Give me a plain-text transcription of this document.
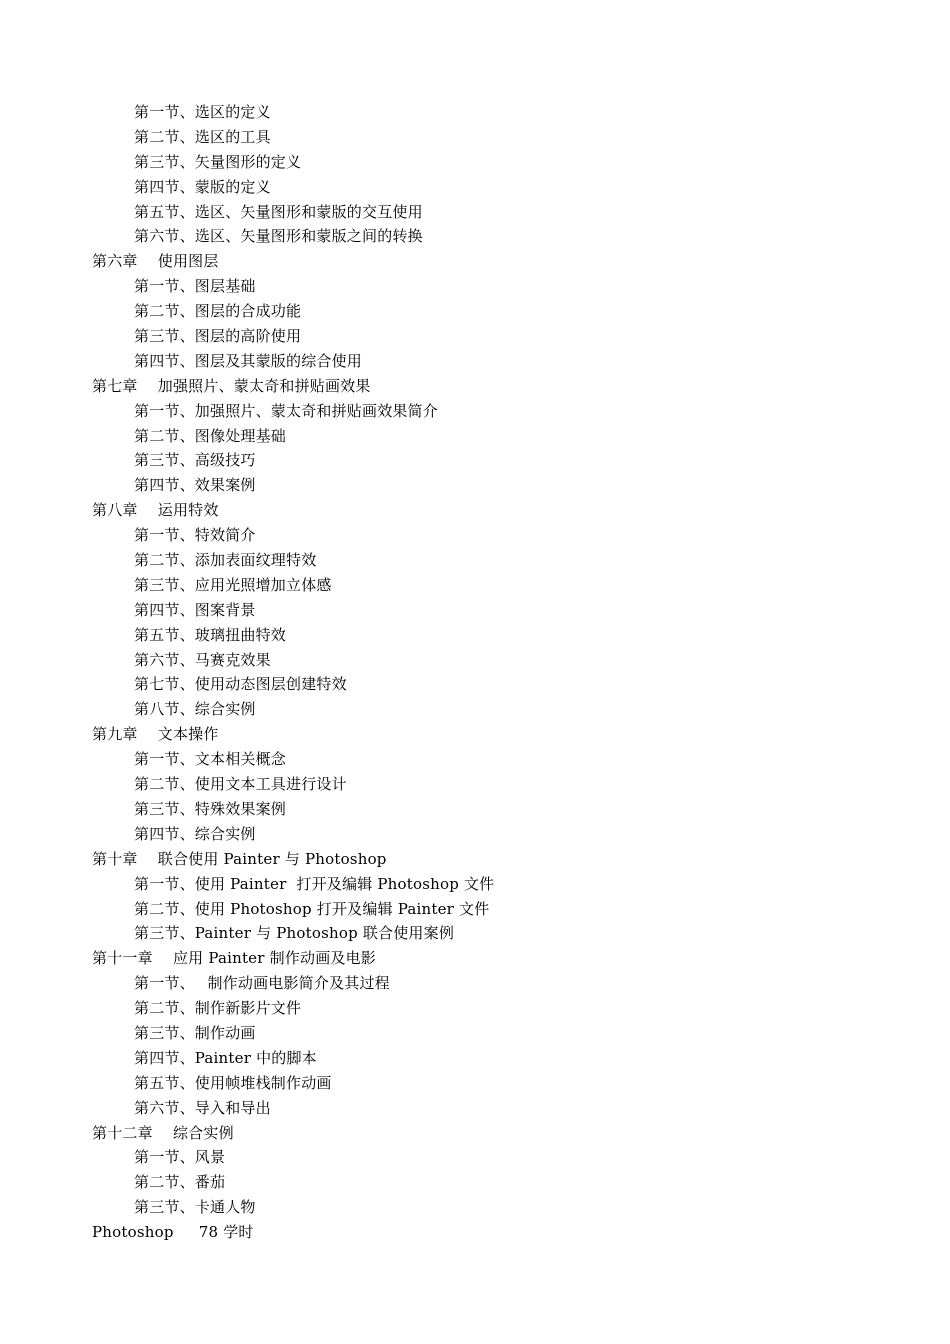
第一节、选区的定义
第二节、选区的工具
第三节、矢量图形的定义
第四节、蒙版的定义
第五节、选区、矢量图形和蒙版的交互使用
第六节、选区、矢量图形和蒙版之间的转换
第六章　 使用图层
第一节、图层基础
第二节、图层的合成功能
第三节、图层的高阶使用
第四节、图层及其蒙版的综合使用
第七章　 加强照片、蒙太奇和拼贴画效果
第一节、加强照片、蒙太奇和拼贴画效果简介
第二节、图像处理基础
第三节、高级技巧
第四节、效果案例
第八章　 运用特效
第一节、特效简介
第二节、添加表面纹理特效
第三节、应用光照增加立体感
第四节、图案背景
第五节、玻璃扭曲特效
第六节、马赛克效果
第七节、使用动态图层创建特效
第八节、综合实例
第九章　 文本操作
第一节、文本相关概念
第二节、使用文本工具进行设计
第三节、特殊效果案例
第四节、综合实例
第十章　 联合使用 Painter 与 Photoshop
第一节、使用 Painter  打开及编辑 Photoshop 文件
第二节、使用 Photoshop 打开及编辑 Painter 文件
第三节、Painter 与 Photoshop 联合使用案例
第十一章　 应用 Painter 制作动画及电影
第一节、　 制作动画电影简介及其过程
第二节、制作新影片文件
第三节、制作动画
第四节、Painter 中的脚本
第五节、使用帧堆栈制作动画
第六节、导入和导出
第十二章　 综合实例
第一节、风景
第二节、番茄
第三节、卡通人物
Photoshop　  78 学时
